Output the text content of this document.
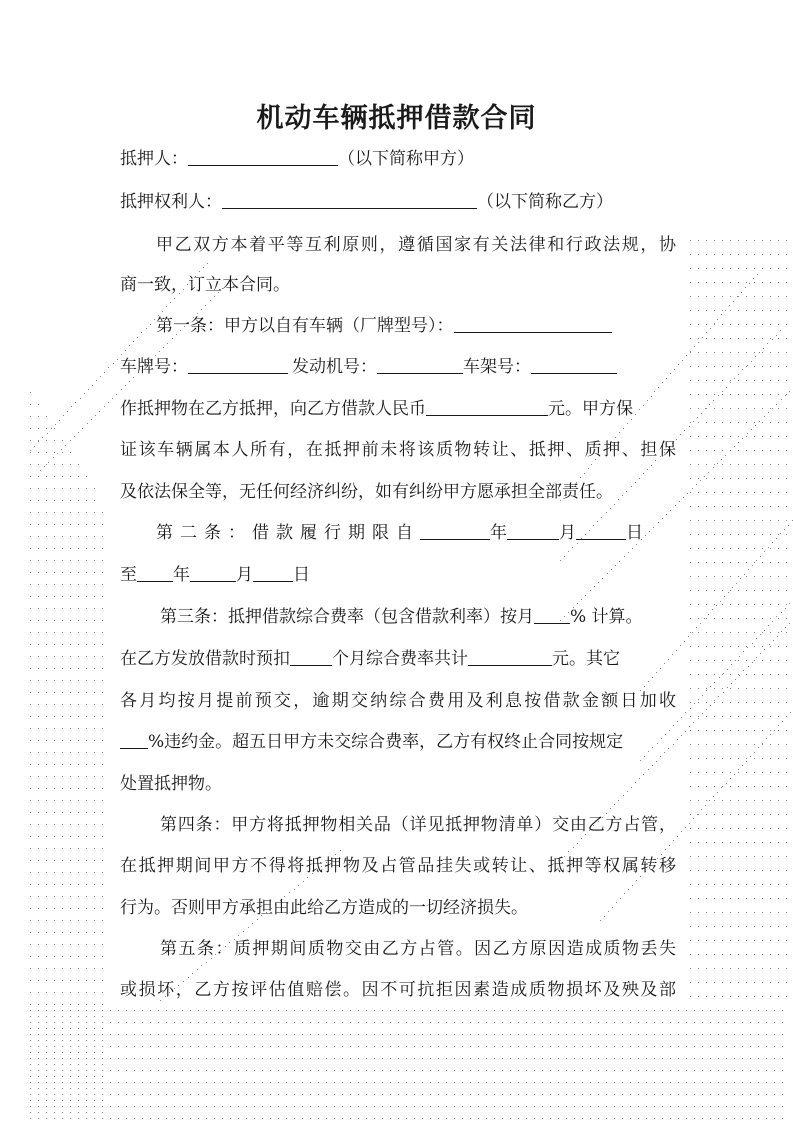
机动车辆抵押借款合同
抵押人：	（以下简称甲方）
抵押权利人：	（以下简称乙方）
甲乙双方本着平等互利原则，遵循国家有关法律和行政法规，协
商一致，订立本合同。
第一条：甲方以自有车辆（厂牌型号）：
车牌号：	发动机号：	车架号：
作抵押物在乙方抵押，向乙方借款人民币	元。甲方保
证该车辆属本人所有，在抵押前未将该质物转让、抵押、质押、担保
及依法保全等，无任何经济纠纷，如有纠纷甲方愿承担全部责任。
第二条：借款履行期限自	年	月	日
至 年	月 日
第三条：抵押借款综合费率（包含借款利率）按月 % 计算。
在乙方发放借款时预扣 个月综合费率共计	元。其它
各月均按月提前预交，逾期交纳综合费用及利息按借款金额日加收
%违约金。超五日甲方未交综合费率，乙方有权终止合同按规定
处置抵押物。
第四条：甲方将抵押物相关品（详见抵押物清单）交由乙方占管，
在抵押期间甲方不得将抵押物及占管品挂失或转让、抵押等权属转移
行为。否则甲方承担由此给乙方造成的一切经济损失。
第五条：质押期间质物交由乙方占管。因乙方原因造成质物丢失
或损坏，乙方按评估值赔偿。因不可抗拒因素造成质物损坏及殃及部
